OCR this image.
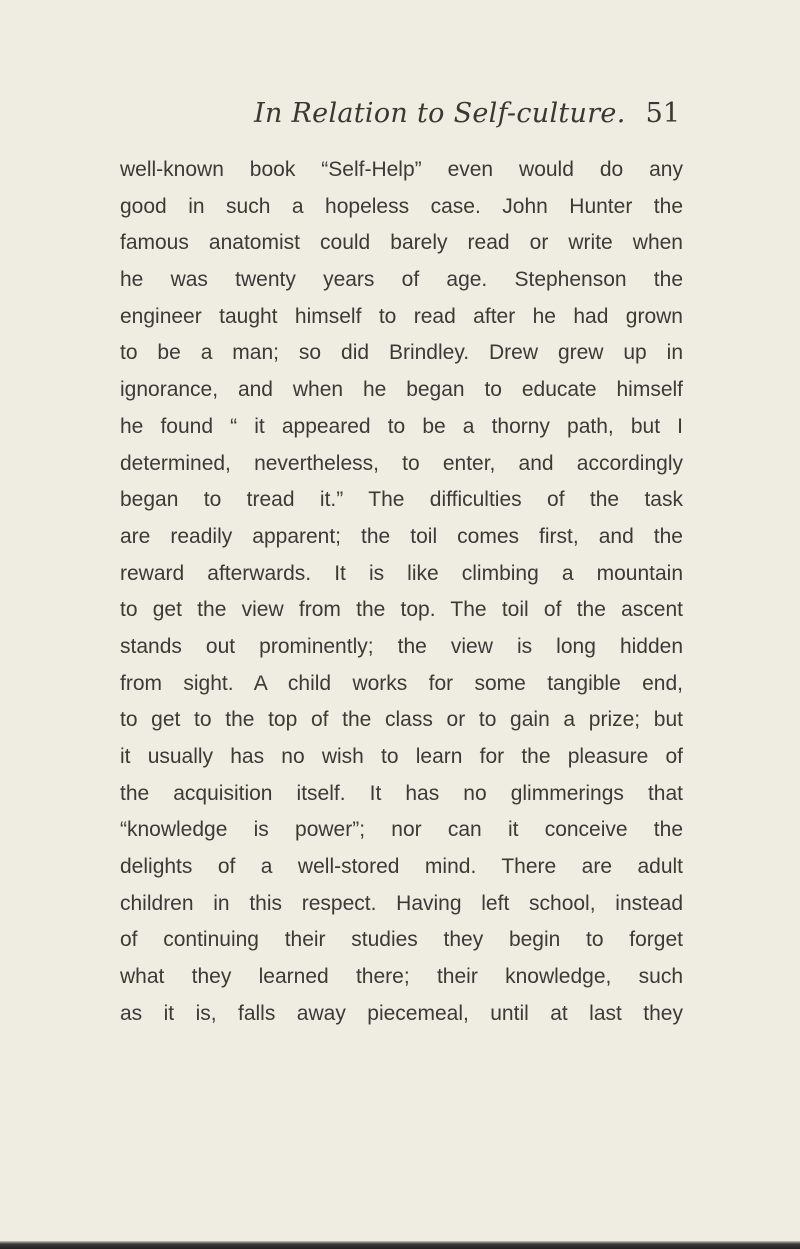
In Relation to Self-culture. 51
well-known book “Self-Help” even would do any
good in such a hopeless case. John Hunter the
famous anatomist could barely read or write when
he was twenty years of age. Stephenson the
engineer taught himself to read after he had grown
to be a man; so did Brindley. Drew grew up in
ignorance, and when he began to educate himself
he found “ it appeared to be a thorny path, but I
determined, nevertheless, to enter, and accordingly
began to tread it.” The difficulties of the task
are readily apparent; the toil comes first, and the
reward afterwards. It is like climbing a mountain
to get the view from the top. The toil of the ascent
stands out prominently; the view is long hidden
from sight. A child works for some tangible end,
to get to the top of the class or to gain a prize; but
it usually has no wish to learn for the pleasure of
the acquisition itself. It has no glimmerings that
“knowledge is power”; nor can it conceive the
delights of a well-stored mind. There are adult
children in this respect. Having left school, instead
of continuing their studies they begin to forget
what they learned there; their knowledge, such
as it is, falls away piecemeal, until at last they
